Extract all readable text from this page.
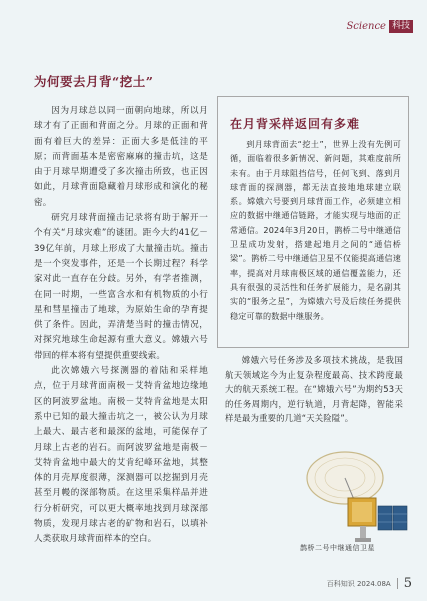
Science 科技
为何要去月背“挖土”

因为月球总以同一面朝向地球，所以月球才有了正面和背面之分。月球的正面和背面有着巨大的差异：正面大多是低洼的平原；而背面基本是密密麻麻的撞击坑，这是由于月球早期遭受了多次撞击所致，也正因如此，月球背面隐藏着月球形成和演化的秘密。

研究月球背面撞击记录将有助于解开一个有关“月球灾难”的谜团。距今大约41亿－39亿年前，月球上形成了大量撞击坑。撞击是一个突发事件，还是一个长期过程？科学家对此一直存在分歧。另外，有学者推测，在同一时期，一些富含水和有机物质的小行星和彗星撞击了地球，为原始生命的孕育提供了条件。因此，弄清楚当时的撞击情况，对探究地球生命起源有重大意义。嫦娥六号带回的样本将有望提供重要线索。

此次嫦娥六号探测器的着陆和采样地点，位于月球背面南极－艾特肯盆地边缘地区的阿波罗盆地。南极－艾特肯盆地是太阳系中已知的最大撞击坑之一，被公认为月球上最大、最古老和最深的盆地，可能保存了月球上古老的岩石。而阿波罗盆地是南极－艾特肯盆地中最大的艾肯纪峰环盆地，其整体的月壳厚度很薄，深测器可以挖掘到月壳甚至月幔的深部物质。在这里采集样品并进行分析研究，可以更大概率地找到月球深部物质，发现月球古老的矿物和岩石，以填补人类获取月球背面样本的空白。

在月背采样返回有多难

到月球背面去“挖土”，世界上没有先例可循，面临着很多新情况、新问题，其难度前所未有。由于月球阻挡信号，任何飞到、落到月球背面的探测器，都无法直接地地球建立联系。嫦娥六号要到月球背面工作，必须建立相应的数据中继通信链路，才能实现与地面的正常通信。2024年3月20日，鹊桥二号中继通信卫星成功发射，搭建起地月之间的“通信桥梁”。鹊桥二号中继通信卫星不仅能提高通信速率，提高对月球南极区域的通信覆盖能力，还具有很强的灵活性和任务扩展能力，是名副其实的“服务之星”，为嫦娥六号及后续任务提供稳定可靠的数据中继服务。

嫦娥六号任务涉及多项技术挑战，是我国航天领域迄今为止复杂程度最高、技术跨度最大的航天系统工程。在“嫦娥六号”为期约53天的任务周期内，逆行轨道，月背起降，智能采样是最为重要的几道“天关险隘”。

鹊桥二号中继通信卫星
百科知识 2024.08A 5
